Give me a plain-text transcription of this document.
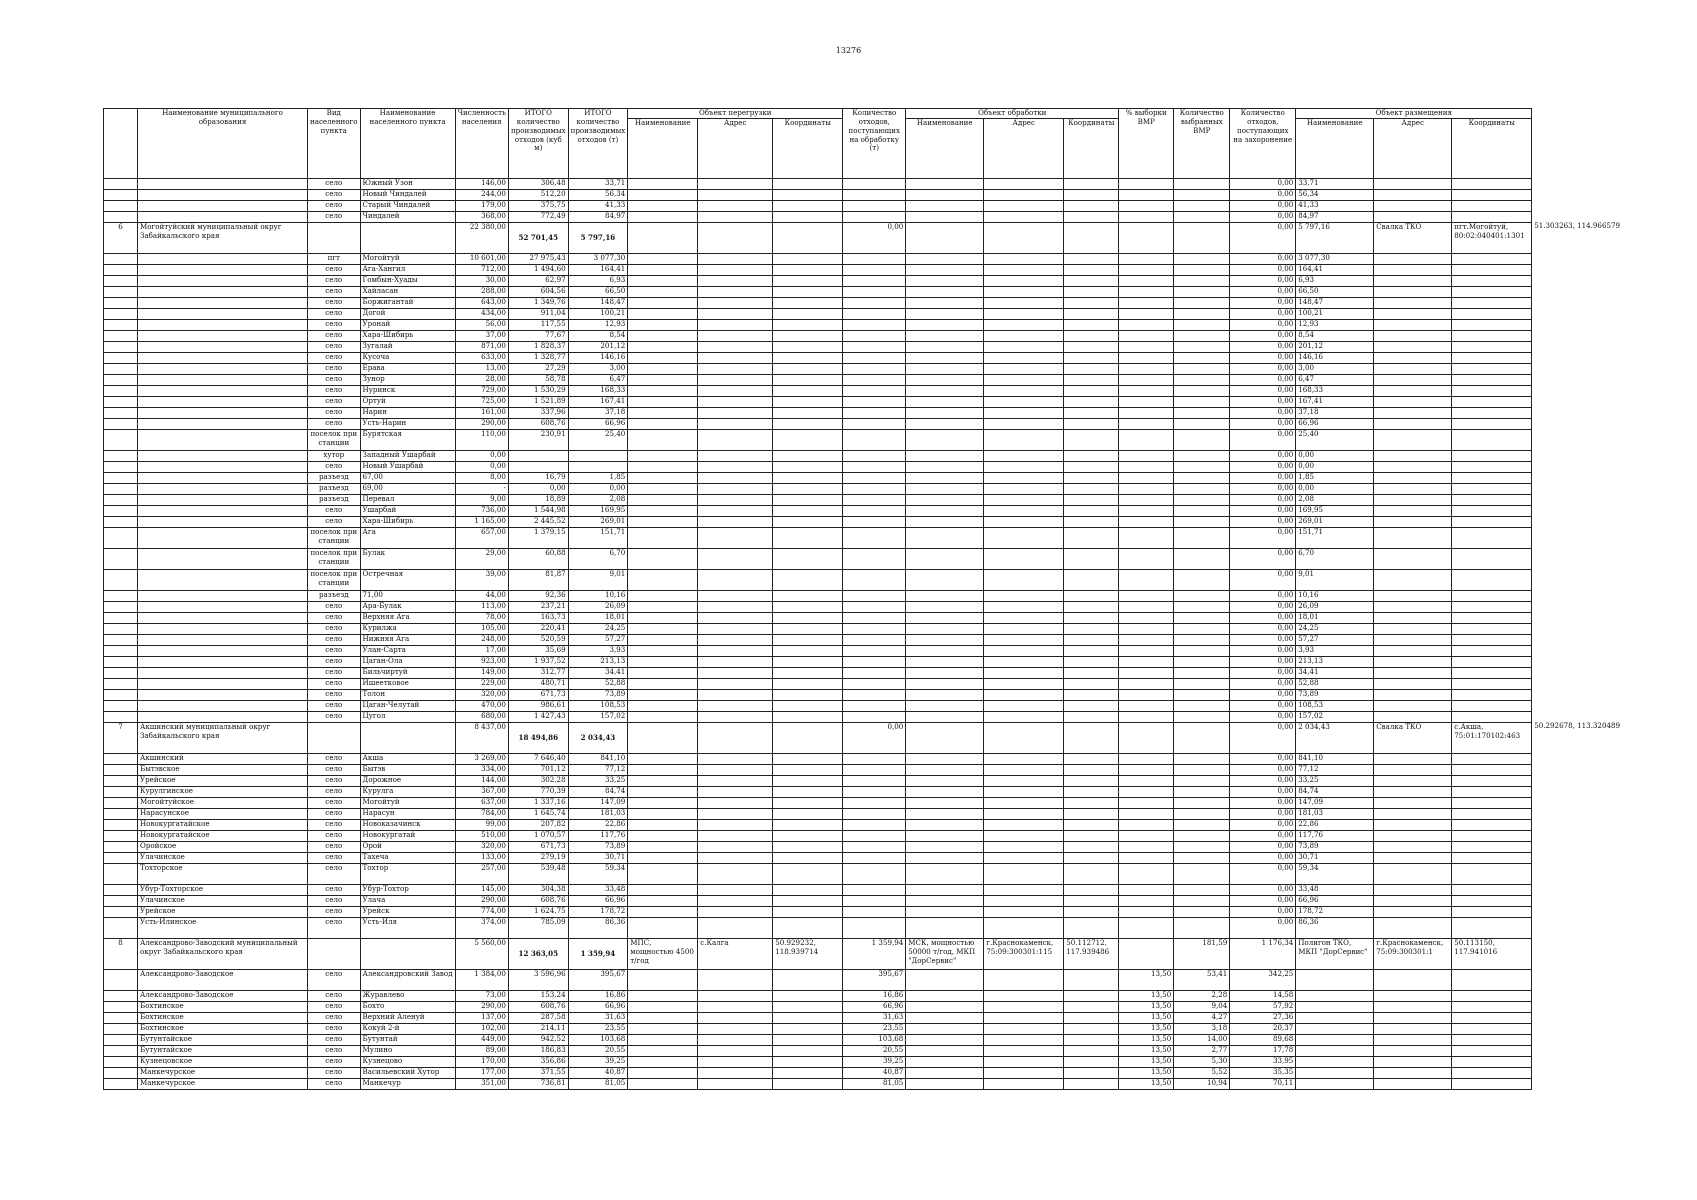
13276
	Наименование муниципального образования	Вид населенного пункта	Наименование населенного пункта	Численность населения	ИТОГО количество производимых отходов (куб м)	ИТОГО количество производимых отходов (т)	Объект перегрузки			Количество отходов, поступающих на обработку (т)	Объект обработки			% выборки ВМР	Количество выбранных ВМР	Количество отходов, поступающих на захоронение	Объект размещения			
							Наименование	Адрес	Координаты		Наименование	Адрес	Координаты				Наименование	Адрес	Координаты	
		село	Южный Узон	146,00	306,48	33,71										0,00	33,71			
		село	Новый Чиндалей	244,00	512,20	56,34										0,00	56,34			
		село	Старый Чиндалей	179,00	375,75	41,33										0,00	41,33			
		село	Чиндалей	368,00	772,49	84,97										0,00	84,97			
6	Могойтуйский муниципальный округ Забайкальского края			22 380,00	52 701,45	5 797,16				0,00						0,00	5 797,16	Свалка ТКО	пгт.Могойтуй, 80:02:040401:1301	51.303263, 114.966579
		пгт	Могойтуй	10 601,00	27 975,43	3 077,30										0,00	3 077,30			
		село	Ага-Хангил	712,00	1 494,60	164,41										0,00	164,41			
		село	Гомбын-Хуады	30,00	62,97	6,93										0,00	6,93			
		село	Хайласан	288,00	604,56	66,50										0,00	66,50			
		село	Боржигантай	643,00	1 349,76	148,47										0,00	148,47			
		село	Догой	434,00	911,04	100,21										0,00	100,21			
		село	Уронай	56,00	117,55	12,93										0,00	12,93			
		село	Хара-Шибирь	37,00	77,67	8,54										0,00	8,54			
		село	Зугалай	871,00	1 828,37	201,12										0,00	201,12			
		село	Кусоча	633,00	1 328,77	146,16										0,00	146,16			
		село	Ерава	13,00	27,29	3,00										0,00	3,00			
		село	Зунор	28,00	58,78	6,47										0,00	6,47			
		село	Нуринск	729,00	1 530,29	168,33										0,00	168,33			
		село	Ортуй	725,00	1 521,89	167,41										0,00	167,41			
		село	Нарин	161,00	337,96	37,18										0,00	37,18			
		село	Усть-Нарин	290,00	608,76	66,96										0,00	66,96			
		поселок при станции	Бурятская	110,00	230,91	25,40										0,00	25,40			
		хутор	Западный Ушарбай	0,00												0,00	0,00			
		село	Новый Ушарбай	0,00												0,00	0,00			
		разъезд	67,00	8,00	16,79	1,85										0,00	1,85			
		разъезд	69,00	-	0,00	0,00										0,00	0,00			
		разъезд	Перевал	9,00	18,89	2,08										0,00	2,08			
		село	Ушарбай	736,00	1 544,98	169,95										0,00	169,95			
		село	Хара-Шибирь	1 165,00	2 445,52	269,01										0,00	269,01			
		поселок при станции	Ага	657,00	1 379,15	151,71										0,00	151,71			
		поселок при станции	Булак	29,00	60,88	6,70										0,00	6,70			
		поселок при станции	Остречная	39,00	81,87	9,01										0,00	9,01			
		разъезд	71,00	44,00	92,36	10,16										0,00	10,16			
		село	Ара-Булак	113,00	237,21	26,09										0,00	26,09			
		село	Верхняя Ага	78,00	163,73	18,01										0,00	18,01			
		село	Курилжа	105,00	220,41	24,25										0,00	24,25			
		село	Нижняя Ага	248,00	520,59	57,27										0,00	57,27			
		село	Улан-Сарта	17,00	35,69	3,93										0,00	3,93			
		село	Цаган-Ола	923,00	1 937,52	213,13										0,00	213,13			
		село	Бильчиртуй	149,00	312,77	34,41										0,00	34,41			
		село	Ишеетковое	229,00	480,71	52,88										0,00	52,88			
		село	Толон	320,00	671,73	73,89										0,00	73,89			
		село	Цаган-Челутай	470,00	986,61	108,53										0,00	108,53			
		село	Цугол	680,00	1 427,43	157,02										0,00	157,02			
7	Акшинский муниципальный округ Забайкальского края			8 437,00	18 494,86	2 034,43				0,00						0,00	2 034,43	Свалка ТКО	с.Акша, 75:01:170102:463	50.292678, 113.320489
	Акшинский	село	Акша	3 269,00	7 646,40	841,10										0,00	841,10			
	Бытэвское	село	Бытэв	334,00	701,12	77,12										0,00	77,12			
	Урейское	село	Дорожное	144,00	302,28	33,25										0,00	33,25			
	Курулгинское	село	Курулга	367,00	770,39	84,74										0,00	84,74			
	Могойтуйское	село	Могойтуй	637,00	1 337,16	147,09										0,00	147,09			
	Нарасунское	село	Нарасун	784,00	1 645,74	181,03										0,00	181,03			
	Новокургатайское	село	Новоказачинск	99,00	207,82	22,86										0,00	22,86			
	Новокургатайское	село	Новокургатай	510,00	1 070,57	117,76										0,00	117,76			
	Оройское	село	Орой	320,00	671,73	73,89										0,00	73,89			
	Улачинское	село	Тахеча	133,00	279,19	30,71										0,00	30,71			
	Тохторское	село	Тохтор	257,00	539,48	59,34										0,00	59,34			
	Убур-Тохторское	село	Убур-Тохтор	145,00	304,38	33,48										0,00	33,48			
	Улачинское	село	Улача	290,00	608,76	66,96										0,00	66,96			
	Урейское	село	Урейск	774,00	1 624,75	178,72										0,00	178,72			
	Усть-Илинское	село	Усть-Иля	374,00	785,09	86,36										0,00	86,36			
8	Александрово-Заводский муниципальный округ Забайкальского края			5 560,00	12 363,05	1 359,94	МПС, мощностью 4500 т/год	с.Калга	50.929232, 118.939714	1 359,94	МСК, мощностью 50000 т/год, МКП "ДорСервис"	г.Краснокаменск, 75:09:300301:115	50.112712, 117.939486		181,59	1 176,34	Полигон ТКО, МКП "ДорСервис"	г.Краснокаменск, 75:09:300301:1	50.113150, 117.941016	
	Александрово-Заводское	село	Александровский Завод	1 384,00	3 596,96	395,67				395,67				13,50	53,41	342,25				
	Александрово-Заводское	село	Журавлево	73,00	153,24	16,86				16,86				13,50	2,28	14,58				
	Бохтинское	село	Бохто	290,00	608,76	66,96				66,96				13,50	9,04	57,92				
	Бохтинское	село	Верхний Аленуй	137,00	287,58	31,63				31,63				13,50	4,27	27,36				
	Бохтинское	село	Кокуй 2-й	102,00	214,11	23,55				23,55				13,50	3,18	20,37				
	Бутунтайское	село	Бутунтай	449,00	942,52	103,68				103,68				13,50	14,00	89,68				
	Бутунтайское	село	Мулино	89,00	186,83	20,55				20,55				13,50	2,77	17,78				
	Кузнецовское	село	Кузнецово	170,00	356,86	39,25				39,25				13,50	5,30	33,95				
	Манкечурское	село	Васильевский Хутор	177,00	371,55	40,87				40,87				13,50	5,52	35,35				
	Манкечурское	село	Манкечур	351,00	736,81	81,05				81,05				13,50	10,94	70,11				
